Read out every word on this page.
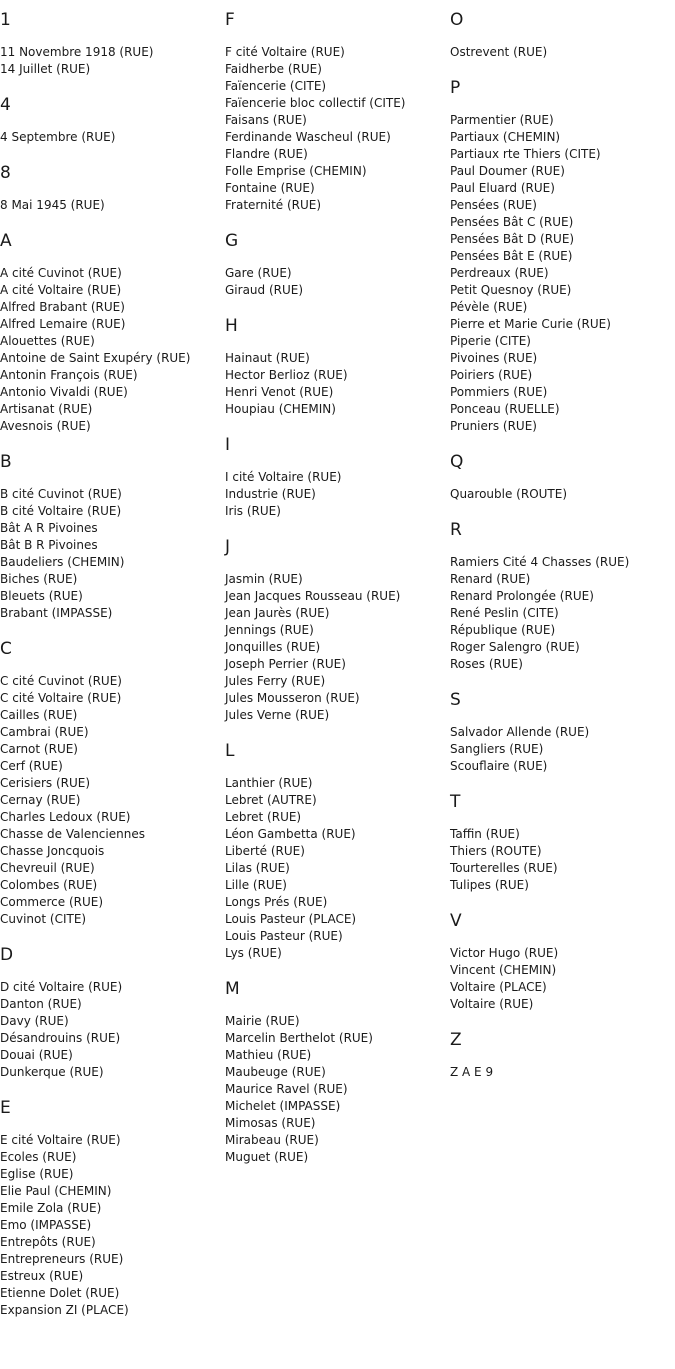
1
11 Novembre 1918 (RUE)
14 Juillet (RUE)
4
4 Septembre (RUE)
8
8 Mai 1945 (RUE)
A
A cité Cuvinot (RUE)
A cité Voltaire (RUE)
Alfred Brabant (RUE)
Alfred Lemaire (RUE)
Alouettes (RUE)
Antoine de Saint Exupéry (RUE)
Antonin François (RUE)
Antonio Vivaldi (RUE)
Artisanat (RUE)
Avesnois (RUE)
B
B cité Cuvinot (RUE)
B cité Voltaire (RUE)
Bât A R Pivoines
Bât B R Pivoines
Baudeliers (CHEMIN)
Biches (RUE)
Bleuets (RUE)
Brabant (IMPASSE)
C
C cité Cuvinot (RUE)
C cité Voltaire (RUE)
Cailles (RUE)
Cambrai (RUE)
Carnot (RUE)
Cerf (RUE)
Cerisiers (RUE)
Cernay (RUE)
Charles Ledoux (RUE)
Chasse de Valenciennes
Chasse Joncquois
Chevreuil (RUE)
Colombes (RUE)
Commerce (RUE)
Cuvinot (CITE)
D
D cité Voltaire (RUE)
Danton (RUE)
Davy (RUE)
Désandrouins (RUE)
Douai (RUE)
Dunkerque (RUE)
E
E cité Voltaire (RUE)
Ecoles (RUE)
Eglise (RUE)
Elie Paul (CHEMIN)
Emile Zola (RUE)
Emo (IMPASSE)
Entrepôts (RUE)
Entrepreneurs (RUE)
Estreux (RUE)
Etienne Dolet (RUE)
Expansion ZI (PLACE)
F
F cité Voltaire (RUE)
Faidherbe (RUE)
Faïencerie (CITE)
Faïencerie bloc collectif (CITE)
Faisans (RUE)
Ferdinande Wascheul (RUE)
Flandre (RUE)
Folle Emprise (CHEMIN)
Fontaine (RUE)
Fraternité (RUE)
G
Gare (RUE)
Giraud (RUE)
H
Hainaut (RUE)
Hector Berlioz (RUE)
Henri Venot (RUE)
Houpiau (CHEMIN)
I
I cité Voltaire (RUE)
Industrie (RUE)
Iris (RUE)
J
Jasmin (RUE)
Jean Jacques Rousseau (RUE)
Jean Jaurès (RUE)
Jennings (RUE)
Jonquilles (RUE)
Joseph Perrier (RUE)
Jules Ferry (RUE)
Jules Mousseron (RUE)
Jules Verne (RUE)
L
Lanthier (RUE)
Lebret (AUTRE)
Lebret (RUE)
Léon Gambetta (RUE)
Liberté (RUE)
Lilas (RUE)
Lille (RUE)
Longs Prés (RUE)
Louis Pasteur (PLACE)
Louis Pasteur (RUE)
Lys (RUE)
M
Mairie (RUE)
Marcelin Berthelot (RUE)
Mathieu (RUE)
Maubeuge (RUE)
Maurice Ravel (RUE)
Michelet (IMPASSE)
Mimosas (RUE)
Mirabeau (RUE)
Muguet (RUE)
O
Ostrevent (RUE)
P
Parmentier (RUE)
Partiaux (CHEMIN)
Partiaux rte Thiers (CITE)
Paul Doumer (RUE)
Paul Eluard (RUE)
Pensées (RUE)
Pensées Bât C (RUE)
Pensées Bât D (RUE)
Pensées Bât E (RUE)
Perdreaux (RUE)
Petit Quesnoy (RUE)
Pévèle (RUE)
Pierre et Marie Curie (RUE)
Piperie (CITE)
Pivoines (RUE)
Poiriers (RUE)
Pommiers (RUE)
Ponceau (RUELLE)
Pruniers (RUE)
Q
Quarouble (ROUTE)
R
Ramiers Cité 4 Chasses (RUE)
Renard (RUE)
Renard Prolongée (RUE)
René Peslin (CITE)
République (RUE)
Roger Salengro (RUE)
Roses (RUE)
S
Salvador Allende (RUE)
Sangliers (RUE)
Scouflaire (RUE)
T
Taffin (RUE)
Thiers (ROUTE)
Tourterelles (RUE)
Tulipes (RUE)
V
Victor Hugo (RUE)
Vincent (CHEMIN)
Voltaire (PLACE)
Voltaire (RUE)
Z
Z A E 9
